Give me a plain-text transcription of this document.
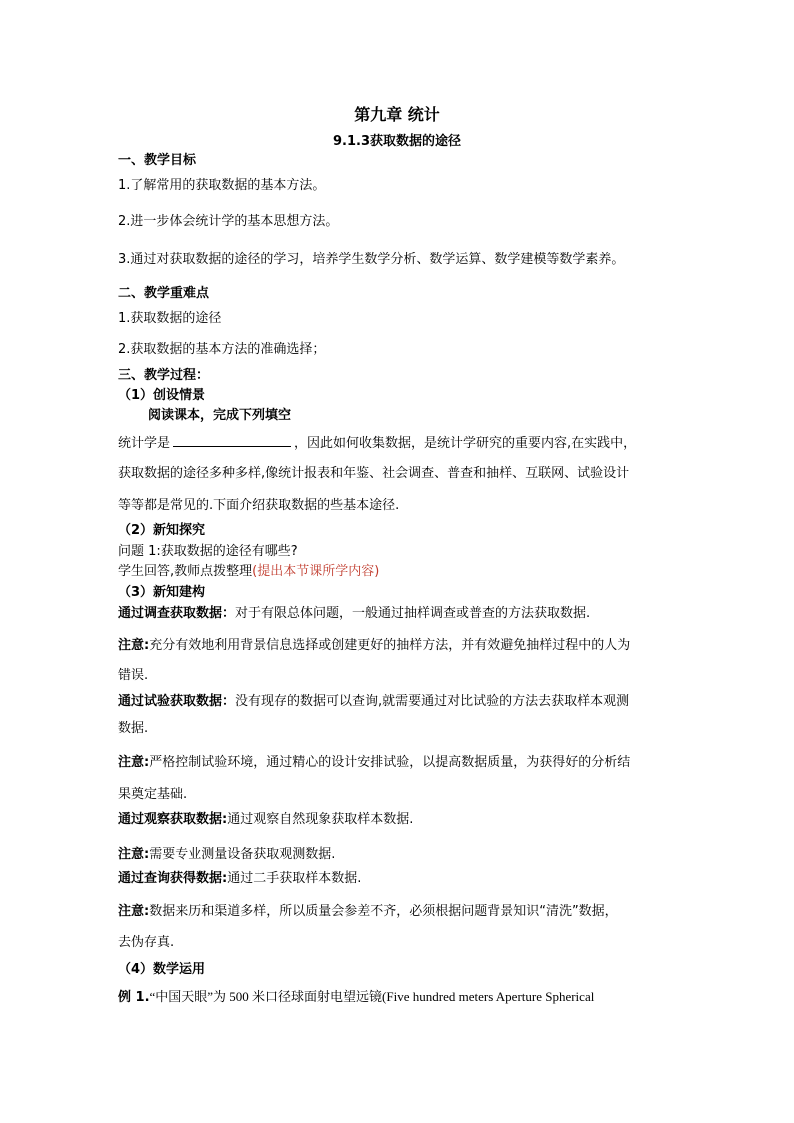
第九章 统计
9.1.3获取数据的途径
一、教学目标
1.了解常用的获取数据的基本方法。
2.进一步体会统计学的基本思想方法。
3.通过对获取数据的途径的学习，培养学生数学分析、数学运算、数学建模等数学素养。
二、教学重难点
1.获取数据的途径
2.获取数据的基本方法的准确选择；
三、教学过程：
（1）创设情景
阅读课本，完成下列填空
统计学是	，因此如何收集数据，是统计学研究的重要内容,在实践中，
获取数据的途径多种多样,像统计报表和年鉴、社会调查、普查和抽样、互联网、试验设计
等等都是常见的.下面介绍获取数据的些基本途径.
（2）新知探究
问题 1:获取数据的途径有哪些?
学生回答,教师点拨整理(提出本节课所学内容)
（3）新知建构
通过调查获取数据：对于有限总体问题，一般通过抽样调查或普查的方法获取数据.
注意:充分有效地利用背景信息选择或创建更好的抽样方法，并有效避免抽样过程中的人为
错误.
通过试验获取数据：没有现存的数据可以查询,就需要通过对比试验的方法去获取样本观测
数据.
注意:严格控制试验环境，通过精心的设计安排试验，以提高数据质量，为获得好的分析结
果奠定基础.
通过观察获取数据:通过观察自然现象获取样本数据.
注意:需要专业测量设备获取观测数据.
通过查询获得数据:通过二手获取样本数据.
注意:数据来历和渠道多样，所以质量会参差不齐，必须根据问题背景知识“清洗”数据，
去伪存真.
（4）数学运用
例 1.“中国天眼”为 500 米口径球面射电望远镜(Five hundred meters Aperture Spherical
